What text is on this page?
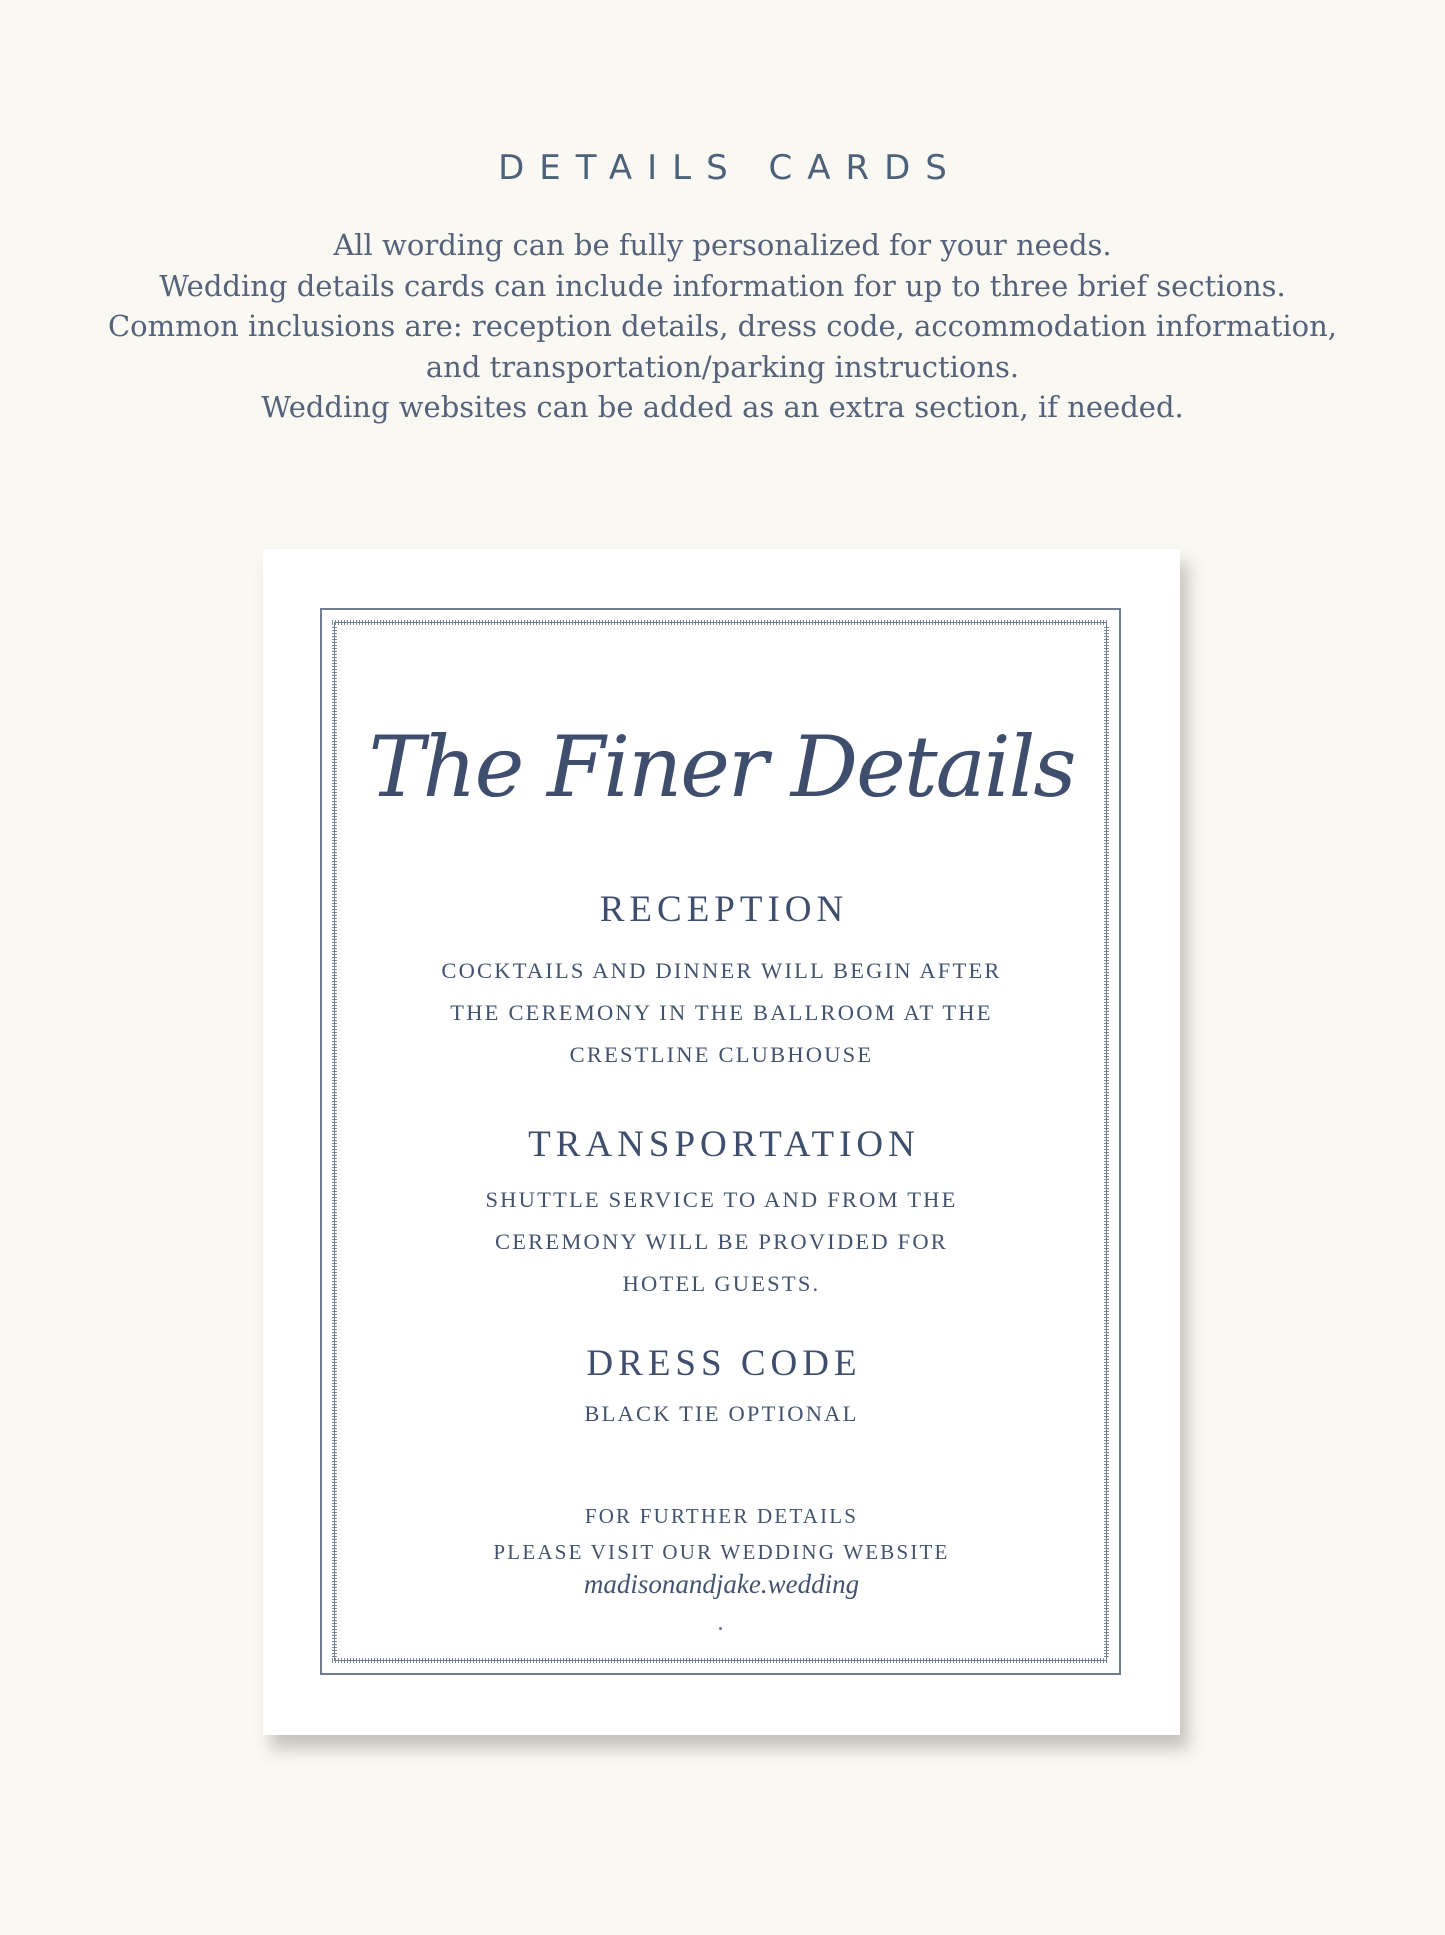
DETAILS CARDS
All wording can be fully personalized for your needs.
Wedding details cards can include information for up to three brief sections.
Common inclusions are: reception details, dress code, accommodation information,
and transportation/parking instructions.
Wedding websites can be added as an extra section, if needed.
The Finer Details
RECEPTION
COCKTAILS AND DINNER WILL BEGIN AFTER
THE CEREMONY IN THE BALLROOM AT THE
CRESTLINE CLUBHOUSE
TRANSPORTATION
SHUTTLE SERVICE TO AND FROM THE
CEREMONY WILL BE PROVIDED FOR
HOTEL GUESTS.
DRESS CODE
BLACK TIE OPTIONAL
FOR FURTHER DETAILS
PLEASE VISIT OUR WEDDING WEBSITE
madisonandjake.wedding
